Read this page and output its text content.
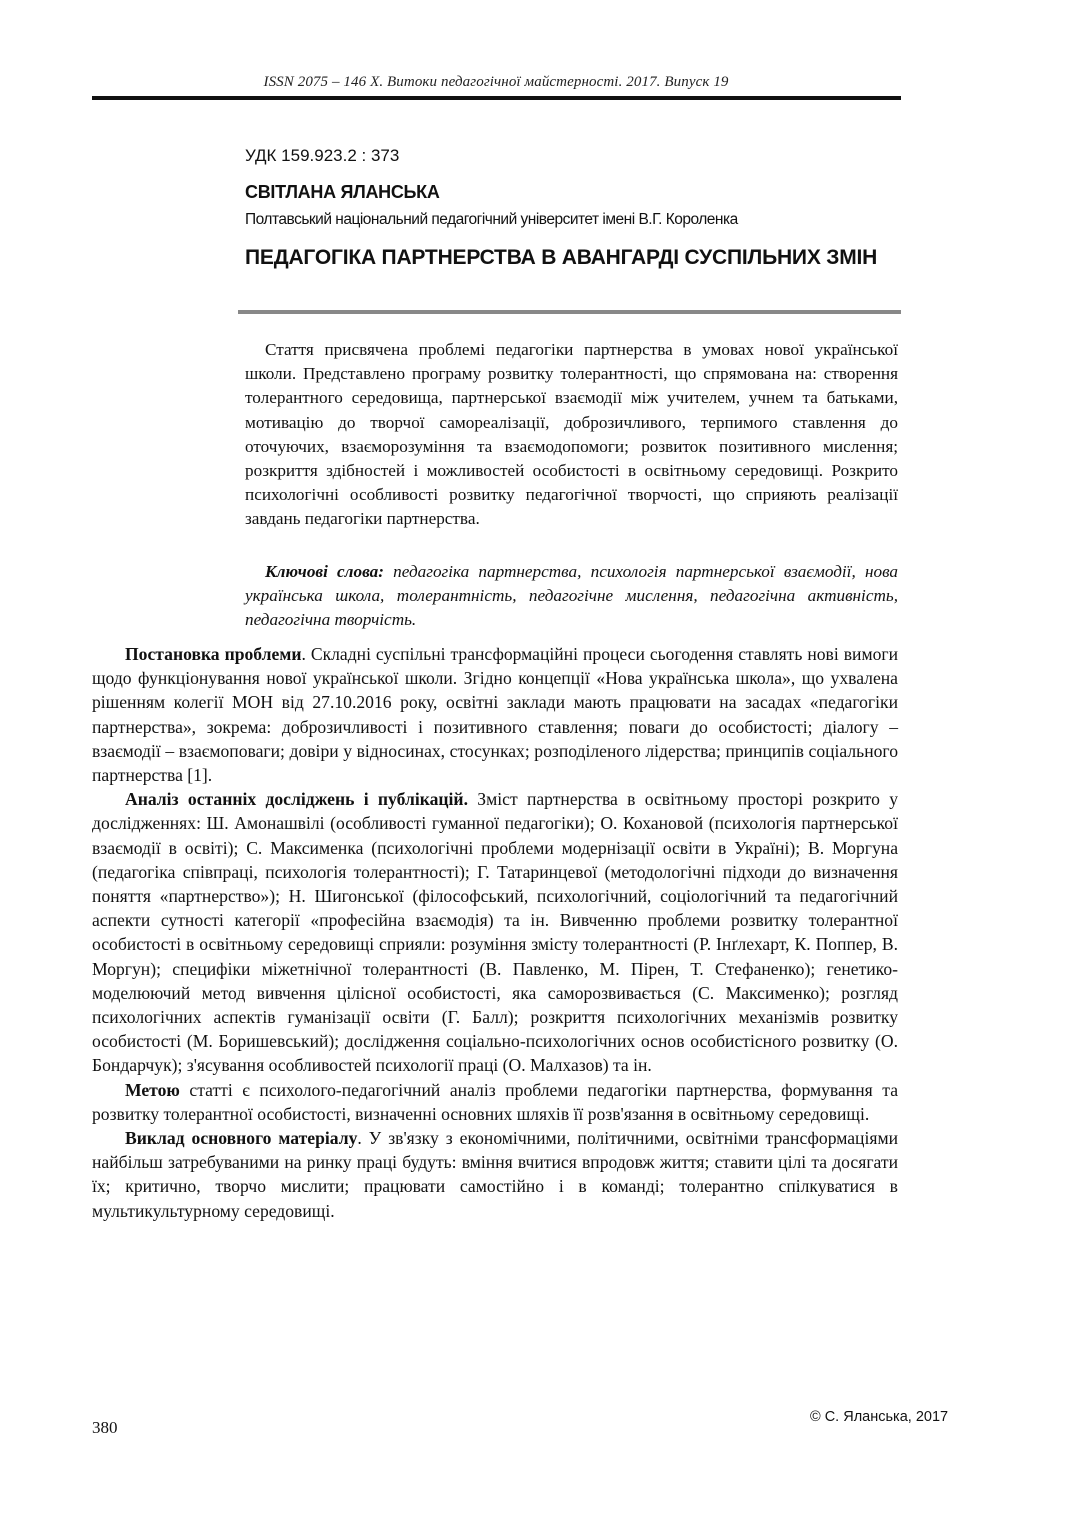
ISSN 2075 – 146 X. Витоки педагогічної майстерності. 2017. Випуск 19
УДК 159.923.2 : 373
СВІТЛАНА ЯЛАНСЬКА
Полтавський національний педагогічний університет імені В.Г. Короленка
ПЕДАГОГІКА ПАРТНЕРСТВА В АВАНГАРДІ СУСПІЛЬНИХ ЗМІН
Стаття присвячена проблемі педагогіки партнерства в умовах нової української школи. Представлено програму розвитку толерантності, що спрямована на: створення толерантного середовища, партнерської взаємодії між учителем, учнем та батьками, мотивацію до творчої самореалізації, доброзичливого, терпимого ставлення до оточуючих, взаєморозуміння та взаємодопомоги; розвиток позитивного мислення; розкриття здібностей і можливостей особистості в освітньому середовищі. Розкрито психологічні особливості розвитку педагогічної творчості, що сприяють реалізації завдань педагогіки партнерства.
Ключові слова: педагогіка партнерства, психологія партнерської взаємодії, нова українська школа, толерантність, педагогічне мислення, педагогічна активність, педагогічна творчість.

Постановка проблеми. Складні суспільні трансформаційні процеси сьогодення ставлять нові вимоги щодо функціонування нової української школи. Згідно концепції «Нова українська школа», що ухвалена рішенням колегії МОН від 27.10.2016 року, освітні заклади мають працювати на засадах «педагогіки партнерства», зокрема: доброзичливості і позитивного ставлення; поваги до особистості; діалогу – взаємодії – взаємоповаги; довіри у відносинах, стосунках; розподіленого лідерства; принципів соціального партнерства [1].

Аналіз останніх досліджень і публікацій. Зміст партнерства в освітньому просторі розкрито у дослідженнях: Ш. Амонашвілі (особливості гуманної педагогіки); О. Кохановой (психологія партнерської взаємодії в освіті); С. Максименка (психологічні проблеми модернізації освіти в Україні); В. Моргуна (педагогіка співпраці, психологія толерантності); Г. Татаринцевої (методологічні підходи до визначення поняття «партнерство»); Н. Шигонської (філософський, психологічний, соціологічний та педагогічний аспекти сутності категорії «професійна взаємодія) та ін. Вивченню проблеми розвитку толерантної особистості в освітньому середовищі сприяли: розуміння змісту толерантності (Р. Інґлехарт, К. Поппер, В. Моргун); специфіки міжетнічної толерантності (В. Павленко, М. Пірен, Т. Стефаненко); генетико-моделюючий метод вивчення цілісної особистості, яка саморозвивається (С. Максименко); розгляд психологічних аспектів гуманізації освіти (Г. Балл); розкриття психологічних механізмів розвитку особистості (М. Боришевський); дослідження соціально-психологічних основ особистісного розвитку (О. Бондарчук); з'ясування особливостей психології праці (О. Малхазов) та ін.

Метою статті є психолого-педагогічний аналіз проблеми педагогіки партнерства, формування та розвитку толерантної особистості, визначенні основних шляхів її розв'язання в освітньому середовищі.

Виклад основного матеріалу. У зв'язку з економічними, політичними, освітніми трансформаціями найбільш затребуваними на ринку праці будуть: вміння вчитися впродовж життя; ставити цілі та досягати їх; критично, творчо мислити; працювати самостійно і в команді; толерантно спілкуватися в мультикультурному середовищі.

© С. Яланська, 2017
380
